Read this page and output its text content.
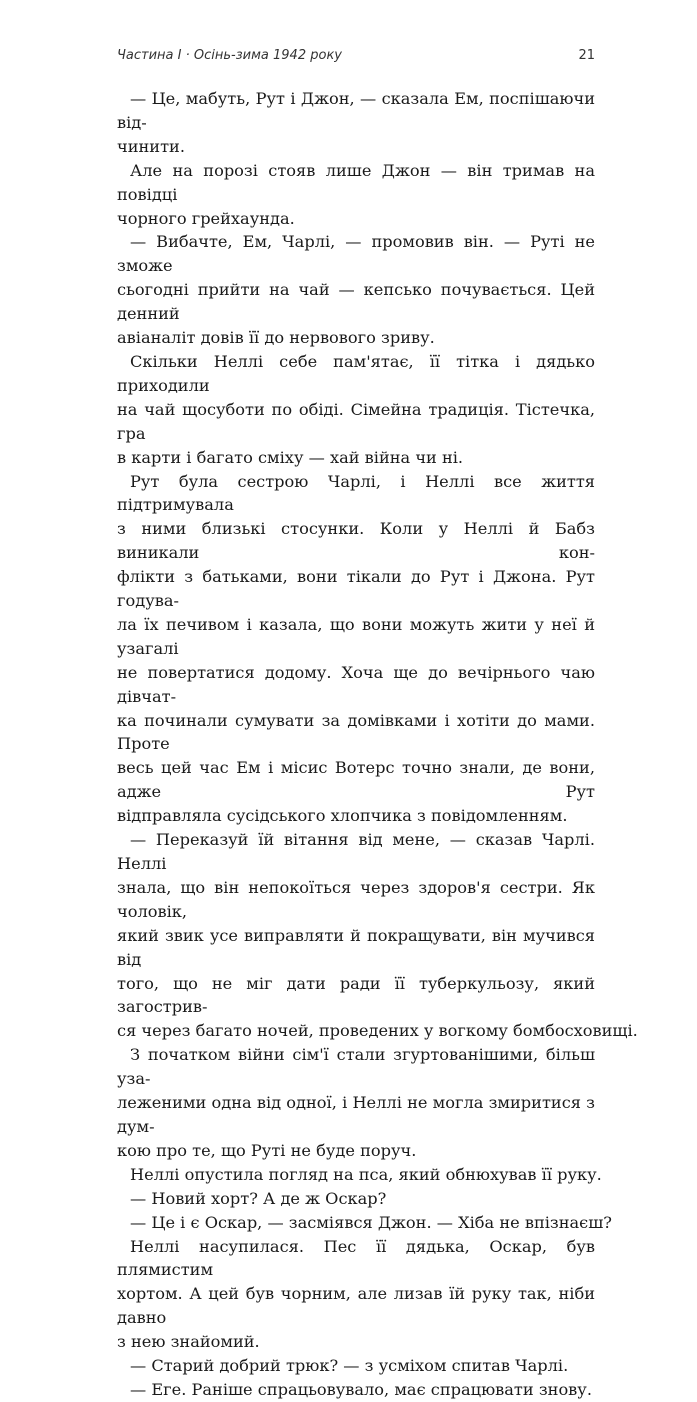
Частина I · Осінь-зима 1942 року	21
— Це, мабуть, Рут і Джон, — сказала Ем, поспішаючи від-
чинити.
Але на порозі стояв лише Джон — він тримав на повідці
чорного грейхаунда.
— Вибачте, Ем, Чарлі, — промовив він. — Руті не зможе
сьогодні прийти на чай — кепсько почувається. Цей денний
авіаналіт довів її до нервового зриву.
Скільки Неллі себе пам'ятає, її тітка і дядько приходили
на чай щосуботи по обіді. Сімейна традиція. Тістечка, гра
в карти і багато сміху — хай війна чи ні.
Рут була сестрою Чарлі, і Неллі все життя підтримувала
з ними близькі стосунки. Коли у Неллі й Бабз виникали кон-
флікти з батьками, вони тікали до Рут і Джона. Рут годува-
ла їх печивом і казала, що вони можуть жити у неї й узагалі
не повертатися додому. Хоча ще до вечірнього чаю дівчат-
ка починали сумувати за домівками і хотіти до мами. Проте
весь цей час Ем і місис Вотерс точно знали, де вони, адже Рут
відправляла сусідського хлопчика з повідомленням.
— Переказуй їй вітання від мене, — сказав Чарлі. Неллі
знала, що він непокоїться через здоров'я сестри. Як чоловік,
який звик усе виправляти й покращувати, він мучився від
того, що не міг дати ради її туберкульозу, який загострив-
ся через багато ночей, проведених у вогкому бомбосховищі.
З початком війни сім'ї стали згуртованішими, більш уза-
леженими одна від одної, і Неллі не могла змиритися з дум-
кою про те, що Руті не буде поруч.
Неллі опустила погляд на пса, який обнюхував її руку.
— Новий хорт? А де ж Оскар?
— Це і є Оскар, — засміявся Джон. — Хіба не впізнаєш?
Неллі насупилася. Пес її дядька, Оскар, був плямистим
хортом. А цей був чорним, але лизав їй руку так, ніби давно
з нею знайомий.
— Старий добрий трюк? — з усміхом спитав Чарлі.
— Еге. Раніше спрацьовувало, має спрацювати знову.
